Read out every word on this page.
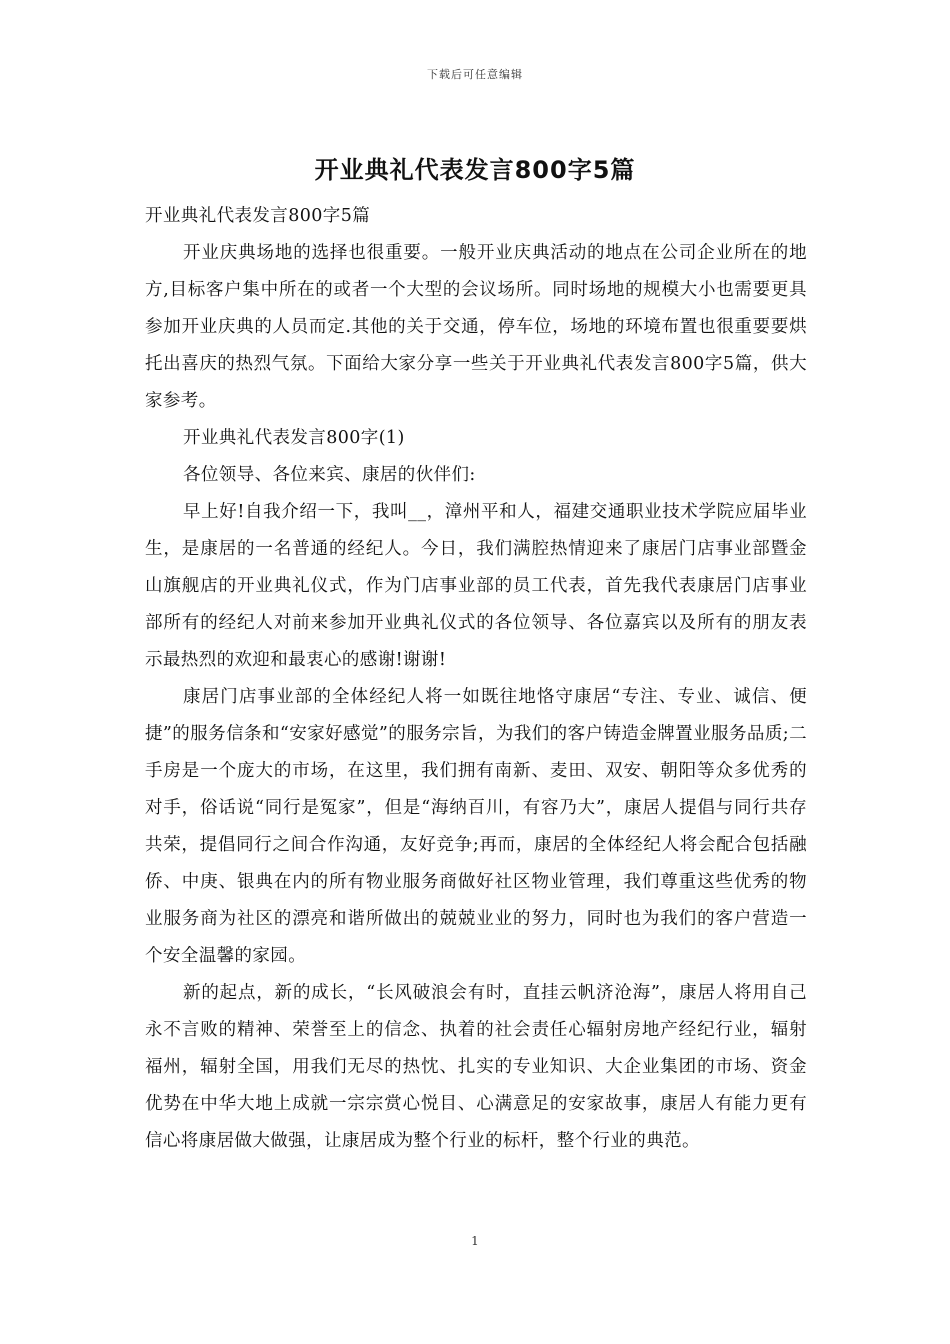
下载后可任意编辑
开业典礼代表发言800字5篇

开业典礼代表发言800字5篇

开业庆典场地的选择也很重要。一般开业庆典活动的地点在公司企业所在的地方,目标客户集中所在的或者一个大型的会议场所。同时场地的规模大小也需要更具参加开业庆典的人员而定.其他的关于交通，停车位，场地的环境布置也很重要要烘托出喜庆的热烈气氛。下面给大家分享一些关于开业典礼代表发言800字5篇，供大家参考。

开业典礼代表发言800字(1)

各位领导、各位来宾、康居的伙伴们:

早上好!自我介绍一下，我叫__，漳州平和人，福建交通职业技术学院应届毕业生，是康居的一名普通的经纪人。今日，我们满腔热情迎来了康居门店事业部暨金山旗舰店的开业典礼仪式，作为门店事业部的员工代表，首先我代表康居门店事业部所有的经纪人对前来参加开业典礼仪式的各位领导、各位嘉宾以及所有的朋友表示最热烈的欢迎和最衷心的感谢!谢谢!

康居门店事业部的全体经纪人将一如既往地恪守康居“专注、专业、诚信、便捷”的服务信条和“安家好感觉”的服务宗旨，为我们的客户铸造金牌置业服务品质;二手房是一个庞大的市场，在这里，我们拥有南新、麦田、双安、朝阳等众多优秀的对手，俗话说“同行是冤家”，但是“海纳百川，有容乃大”，康居人提倡与同行共存共荣，提倡同行之间合作沟通，友好竞争;再而，康居的全体经纪人将会配合包括融侨、中庚、银典在内的所有物业服务商做好社区物业管理，我们尊重这些优秀的物业服务商为社区的漂亮和谐所做出的兢兢业业的努力，同时也为我们的客户营造一个安全温馨的家园。

新的起点，新的成长，“长风破浪会有时，直挂云帆济沧海”，康居人将用自己永不言败的精神、荣誉至上的信念、执着的社会责任心辐射房地产经纪行业，辐射福州，辐射全国，用我们无尽的热忱、扎实的专业知识、大企业集团的市场、资金优势在中华大地上成就一宗宗赏心悦目、心满意足的安家故事，康居人有能力更有信心将康居做大做强，让康居成为整个行业的标杆，整个行业的典范。

1
